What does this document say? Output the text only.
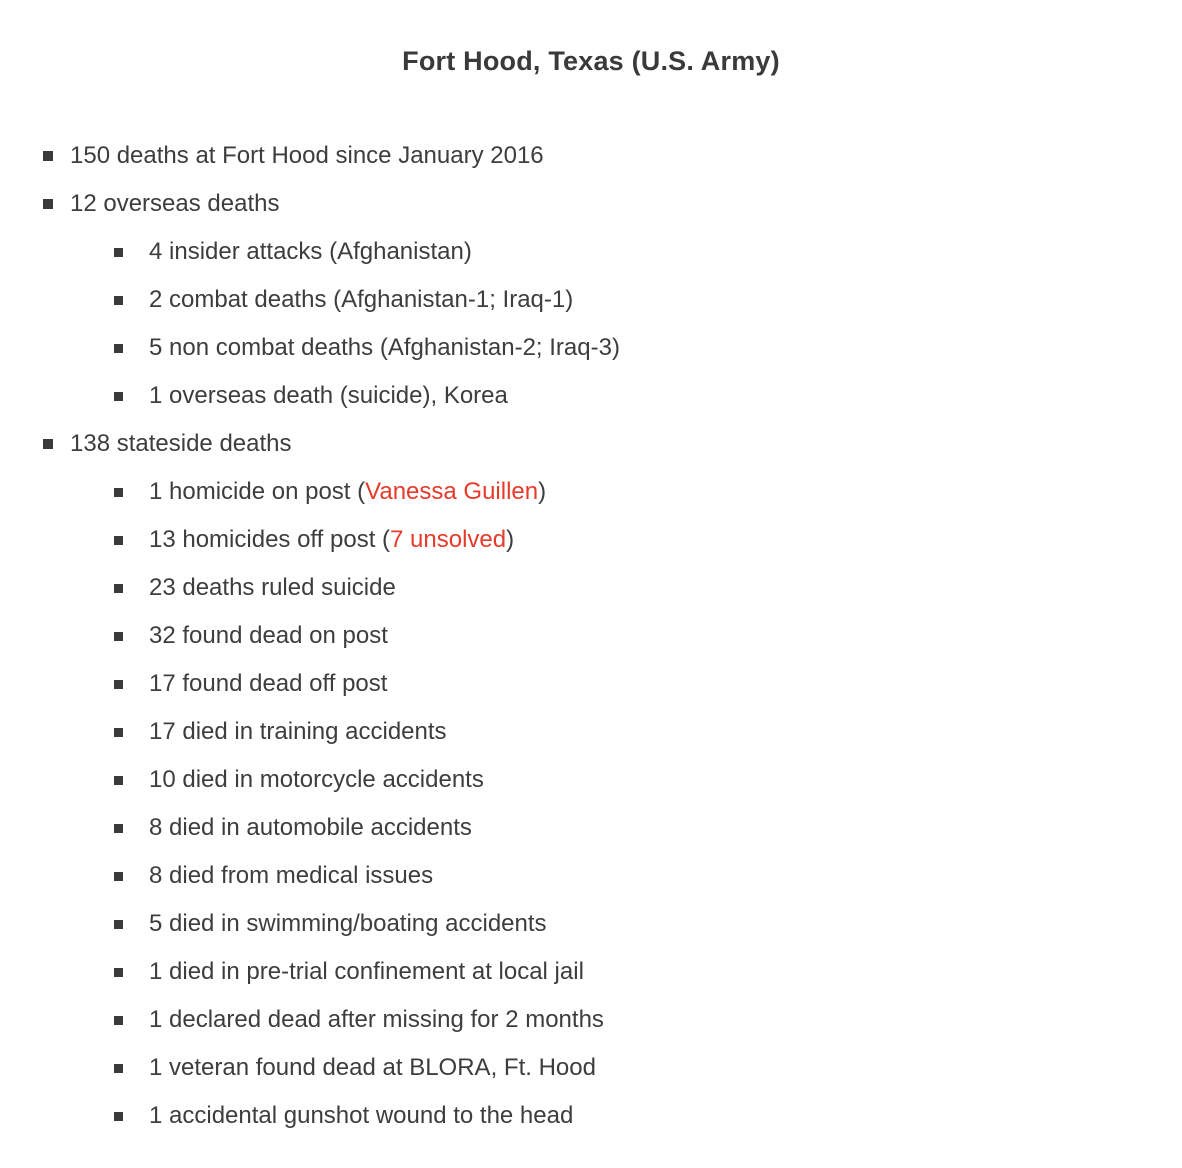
Fort Hood, Texas (U.S. Army)
150 deaths at Fort Hood since January 2016
12 overseas deaths
4 insider attacks (Afghanistan)
2 combat deaths (Afghanistan-1; Iraq-1)
5 non combat deaths (Afghanistan-2; Iraq-3)
1 overseas death (suicide), Korea
138 stateside deaths
1 homicide on post (Vanessa Guillen)
13 homicides off post (7 unsolved)
23 deaths ruled suicide
32 found dead on post
17 found dead off post
17 died in training accidents
10 died in motorcycle accidents
8 died in automobile accidents
8 died from medical issues
5 died in swimming/boating accidents
1 died in pre-trial confinement at local jail
1 declared dead after missing for 2 months
1 veteran found dead at BLORA, Ft. Hood
1 accidental gunshot wound to the head
